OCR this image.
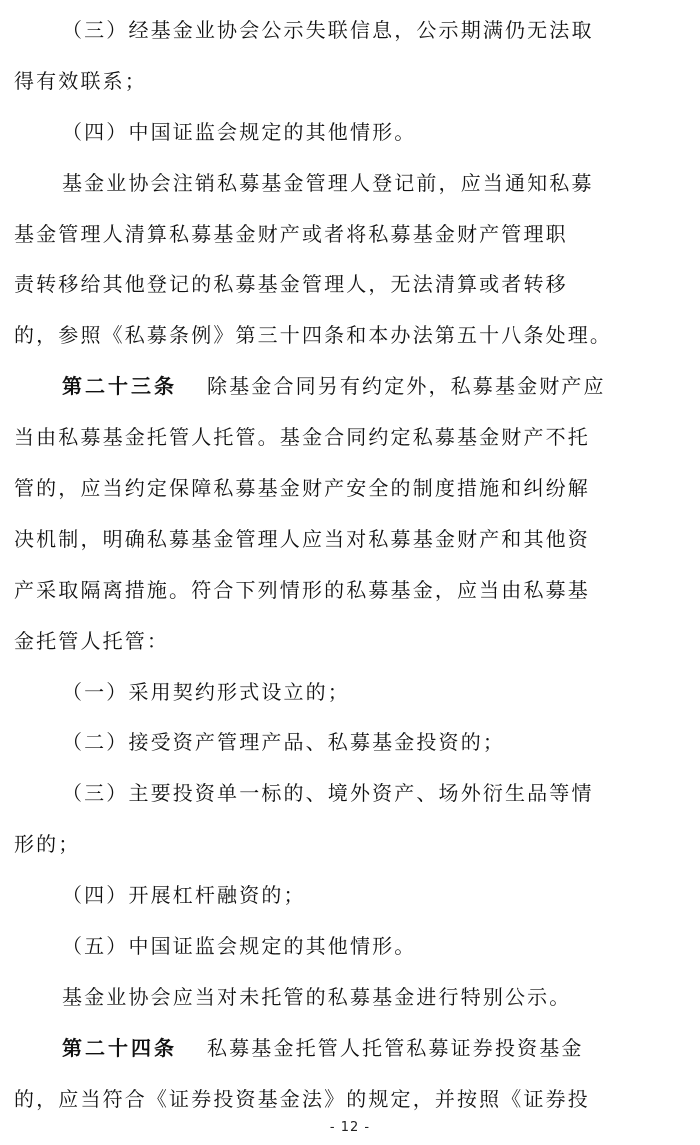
（三）经基金业协会公示失联信息，公示期满仍无法取
得有效联系；
（四）中国证监会规定的其他情形。
基金业协会注销私募基金管理人登记前，应当通知私募
基金管理人清算私募基金财产或者将私募基金财产管理职
责转移给其他登记的私募基金管理人，无法清算或者转移
的，参照《私募条例》第三十四条和本办法第五十八条处理。
第二十三条 除基金合同另有约定外，私募基金财产应
当由私募基金托管人托管。基金合同约定私募基金财产不托
管的，应当约定保障私募基金财产安全的制度措施和纠纷解
决机制，明确私募基金管理人应当对私募基金财产和其他资
产采取隔离措施。符合下列情形的私募基金，应当由私募基
金托管人托管：
（一）采用契约形式设立的；
（二）接受资产管理产品、私募基金投资的；
（三）主要投资单一标的、境外资产、场外衍生品等情
形的；
（四）开展杠杆融资的；
（五）中国证监会规定的其他情形。
基金业协会应当对未托管的私募基金进行特别公示。
第二十四条 私募基金托管人托管私募证券投资基金
的，应当符合《证券投资基金法》的规定，并按照《证券投
- 12 -
